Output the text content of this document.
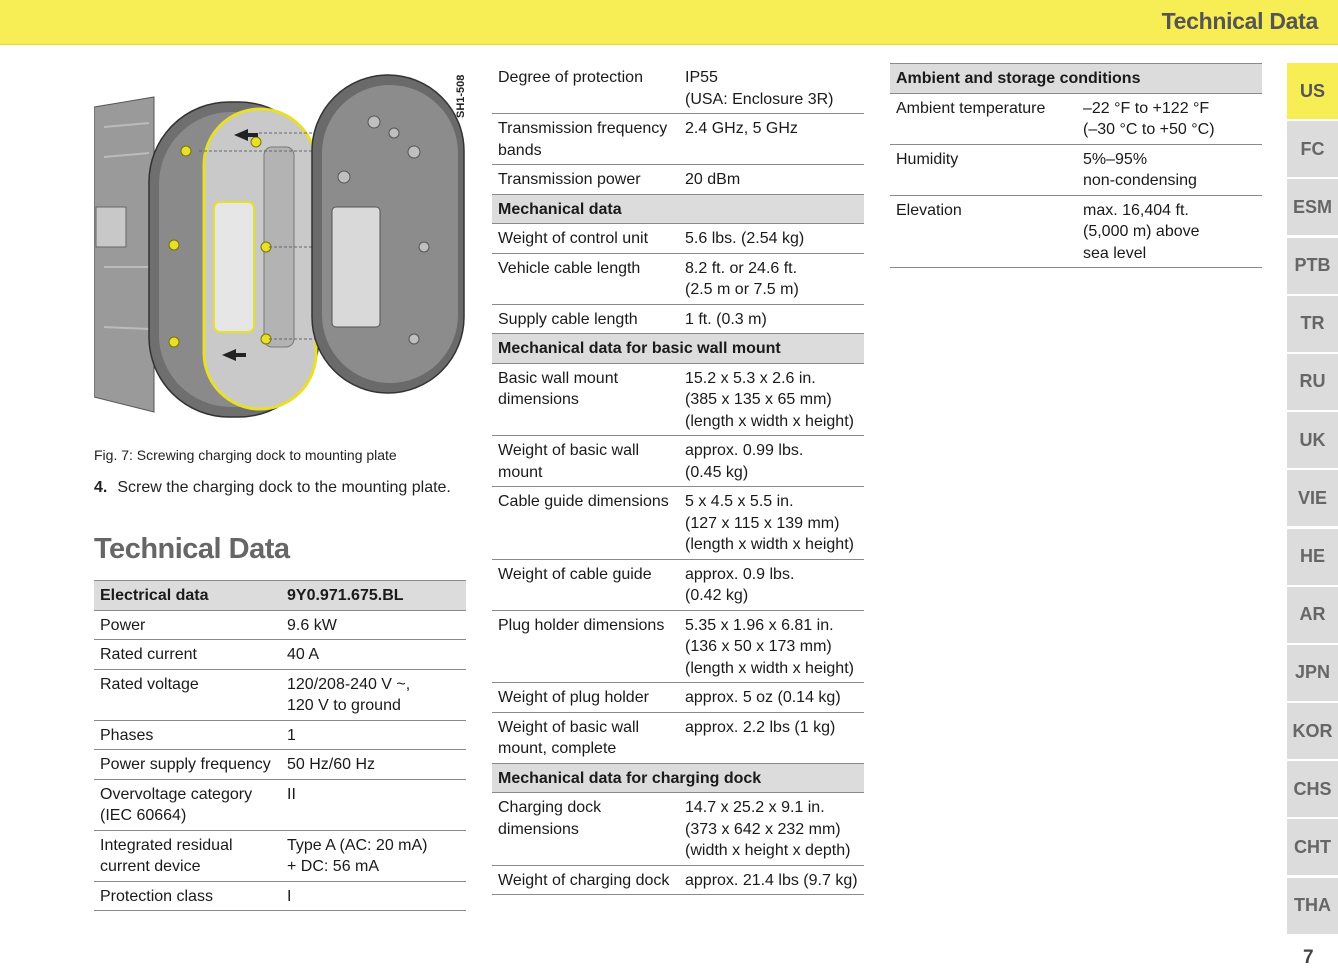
Technical Data
SH1-508
Fig. 7: Screwing charging dock to mounting plate
4. Screw the charging dock to the mounting plate.
Technical Data
Electrical data	9Y0.971.675.BL
Power	9.6 kW
Rated current	40 A
Rated voltage	120/208-240 V ~,
120 V to ground
Phases	1
Power supply frequency	50 Hz/60 Hz
Overvoltage category
(IEC 60664)	II
Integrated residual
current device	Type A (AC: 20 mA)
+ DC: 56 mA
Protection class	I
Degree of protection	IP55
(USA: Enclosure 3R)
Transmission frequency
bands	2.4 GHz, 5 GHz
Transmission power	20 dBm
Mechanical data	
Weight of control unit	5.6 lbs. (2.54 kg)
Vehicle cable length	8.2 ft. or 24.6 ft.
(2.5 m or 7.5 m)
Supply cable length	1 ft. (0.3 m)
Mechanical data for basic wall mount	
Basic wall mount
dimensions	15.2 x 5.3 x 2.6 in.
(385 x 135 x 65 mm)
(length x width x height)
Weight of basic wall
mount	approx. 0.99 lbs.
(0.45 kg)
Cable guide dimensions	5 x 4.5 x 5.5 in.
(127 x 115 x 139 mm)
(length x width x height)
Weight of cable guide	approx. 0.9 lbs.
(0.42 kg)
Plug holder dimensions	5.35 x 1.96 x 6.81 in.
(136 x 50 x 173 mm)
(length x width x height)
Weight of plug holder	approx. 5 oz (0.14 kg)
Weight of basic wall
mount, complete	approx. 2.2 lbs (1 kg)
Mechanical data for charging dock	
Charging dock
dimensions	14.7 x 25.2 x 9.1 in.
(373 x 642 x 232 mm)
(width x height x depth)
Weight of charging dock	approx. 21.4 lbs (9.7 kg)
Ambient and storage conditions	
Ambient temperature	–22 °F to +122 °F
(–30 °C to +50 °C)
Humidity	5%–95%
non-condensing
Elevation	max. 16,404 ft.
(5,000 m) above
sea level
US
FC
ESM
PTB
TR
RU
UK
VIE
HE
AR
JPN
KOR
CHS
CHT
THA
7
